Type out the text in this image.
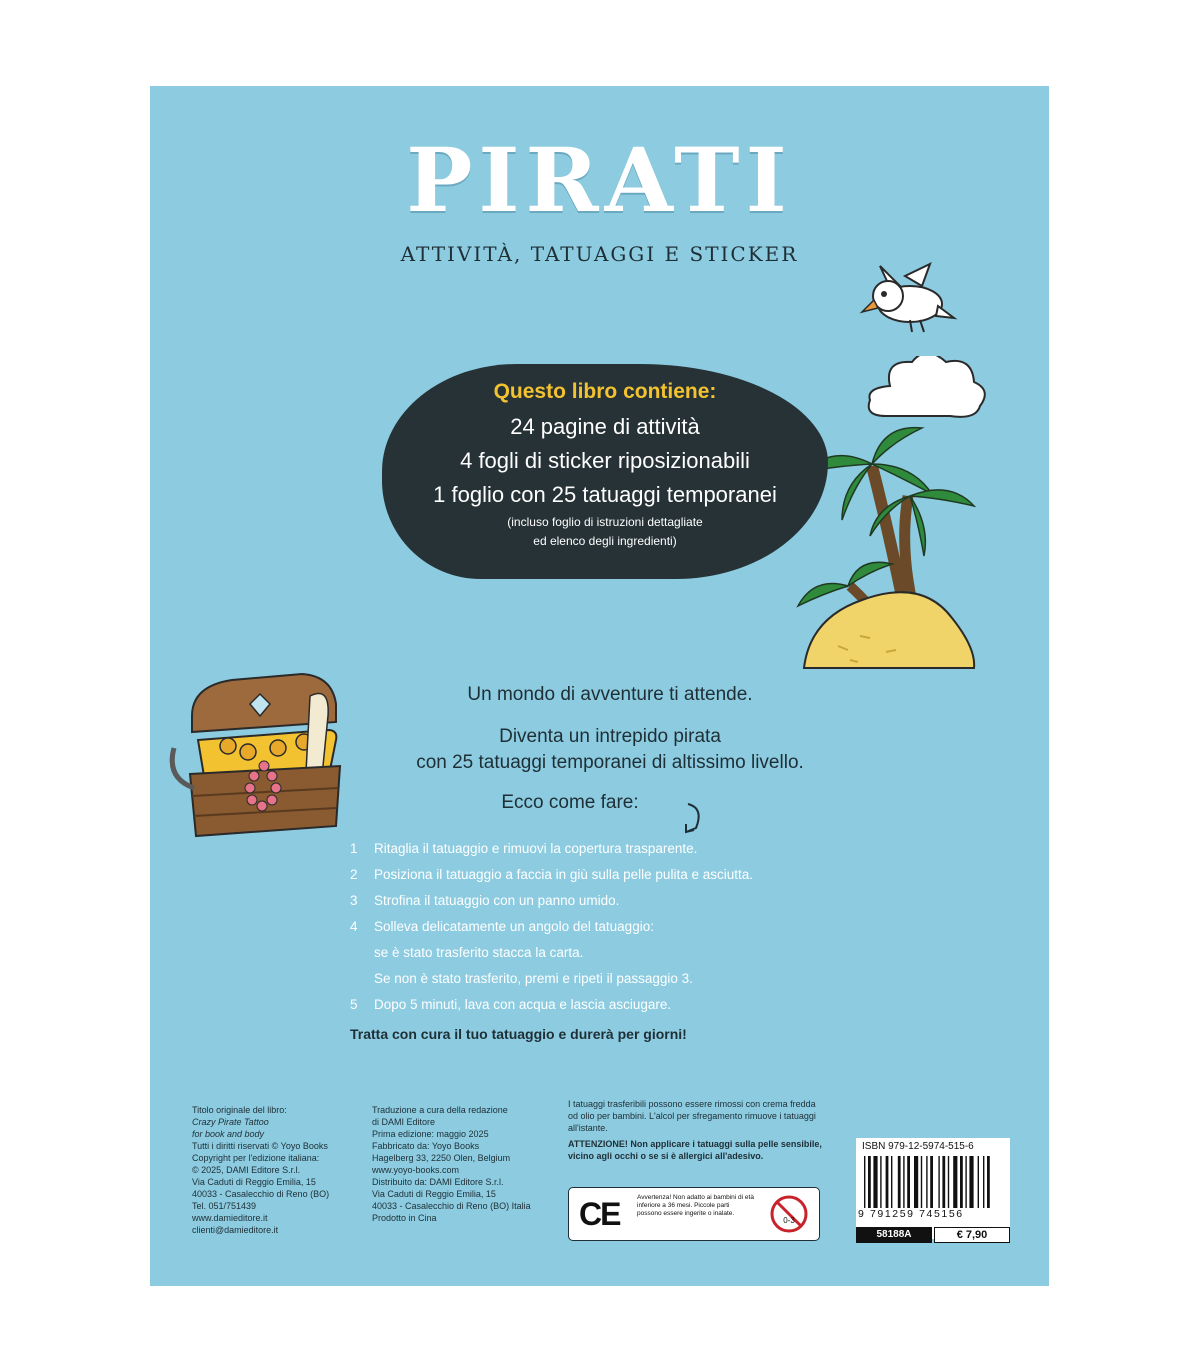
PIRATI
ATTIVITÀ, TATUAGGI E STICKER
Questo libro contiene:
24 pagine di attività
4 fogli di sticker riposizionabili
1 foglio con 25 tatuaggi temporanei
(incluso foglio di istruzioni dettagliate
ed elenco degli ingredienti)
Un mondo di avventure ti attende.
Diventa un intrepido pirata
con 25 tatuaggi temporanei di altissimo livello.
Ecco come fare:
1 Ritaglia il tatuaggio e rimuovi la copertura trasparente.
2 Posiziona il tatuaggio a faccia in giù sulla pelle pulita e asciutta.
3 Strofina il tatuaggio con un panno umido.
4 Solleva delicatamente un angolo del tatuaggio:
se è stato trasferito stacca la carta.
Se non è stato trasferito, premi e ripeti il passaggio 3.
5 Dopo 5 minuti, lava con acqua e lascia asciugare.
Tratta con cura il tuo tatuaggio e durerà per giorni!
Titolo originale del libro:
Crazy Pirate Tattoo
for book and body
Tutti i diritti riservati © Yoyo Books
Copyright per l'edizione italiana:
© 2025, DAMI Editore S.r.l.
Via Caduti di Reggio Emilia, 15
40033 - Casalecchio di Reno (BO)
Tel. 051/751439
www.damieditore.it
clienti@damieditore.it
Traduzione a cura della redazione
di DAMI Editore
Prima edizione: maggio 2025
Fabbricato da: Yoyo Books
Hagelberg 33, 2250 Olen, Belgium
www.yoyo-books.com
Distribuito da: DAMI Editore S.r.l.
Via Caduti di Reggio Emilia, 15
40033 - Casalecchio di Reno (BO) Italia
Prodotto in Cina
I tatuaggi trasferibili possono essere rimossi con crema fredda od olio per bambini. L'alcol per sfregamento rimuove i tatuaggi all'istante.
ATTENZIONE! Non applicare i tatuaggi sulla pelle sensibile, vicino agli occhi o se si è allergici all'adesivo.
CE	Avvertenza! Non adatto ai bambini di età inferiore a 36 mesi. Piccole parti possono essere ingerite o inalate.
0-3
ISBN 979-12-5974-515-6
9 791259 745156
58188A	€ 7,90
